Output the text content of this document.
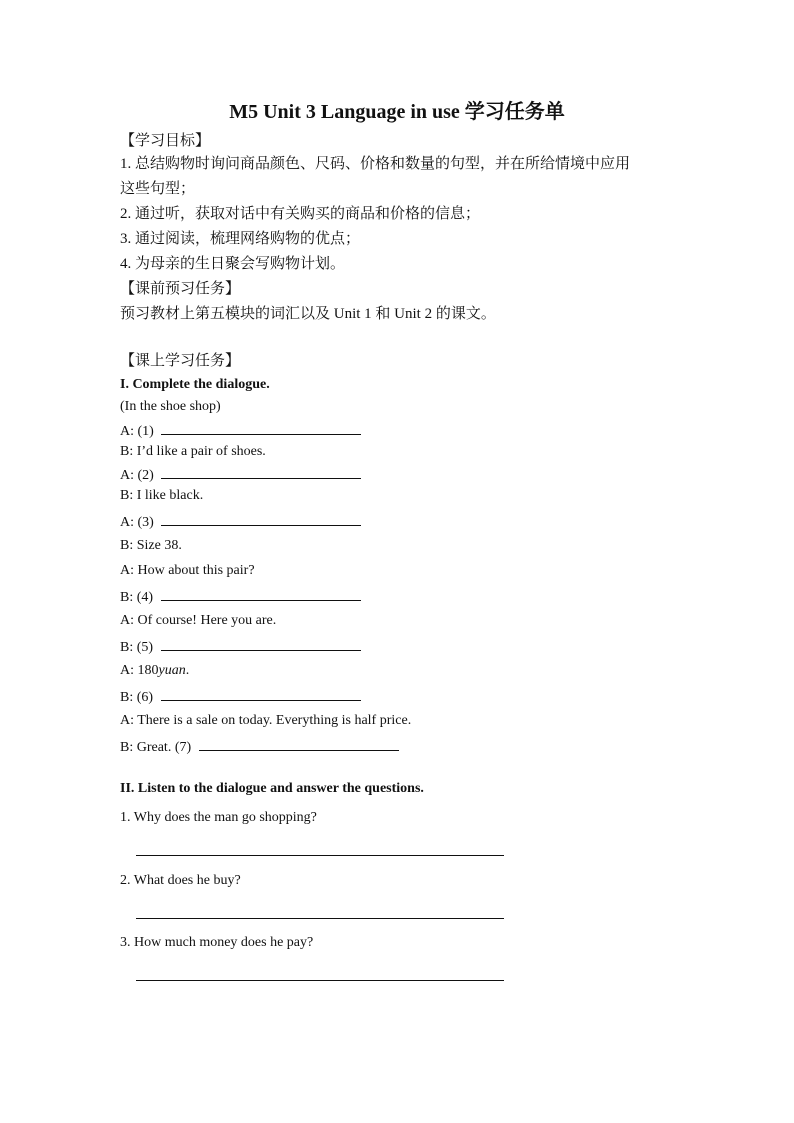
M5 Unit 3 Language in use 学习任务单
【学习目标】
1. 总结购物时询问商品颜色、尺码、价格和数量的句型，并在所给情境中应用
这些句型；
2. 通过听，获取对话中有关购买的商品和价格的信息；
3. 通过阅读，梳理网络购物的优点；
4. 为母亲的生日聚会写购物计划。
【课前预习任务】
预习教材上第五模块的词汇以及 Unit 1 和 Unit 2 的课文。
【课上学习任务】
I. Complete the dialogue.
(In the shoe shop)
A: (1)
B: I’d like a pair of shoes.
A: (2)
B: I like black.
A: (3)
B: Size 38.
A: How about this pair?
B: (4)
A: Of course! Here you are.
B: (5)
A: 180yuan.
B: (6)
A: There is a sale on today. Everything is half price.
B: Great. (7)
II. Listen to the dialogue and answer the questions.
1. Why does the man go shopping?
2. What does he buy?
3. How much money does he pay?
